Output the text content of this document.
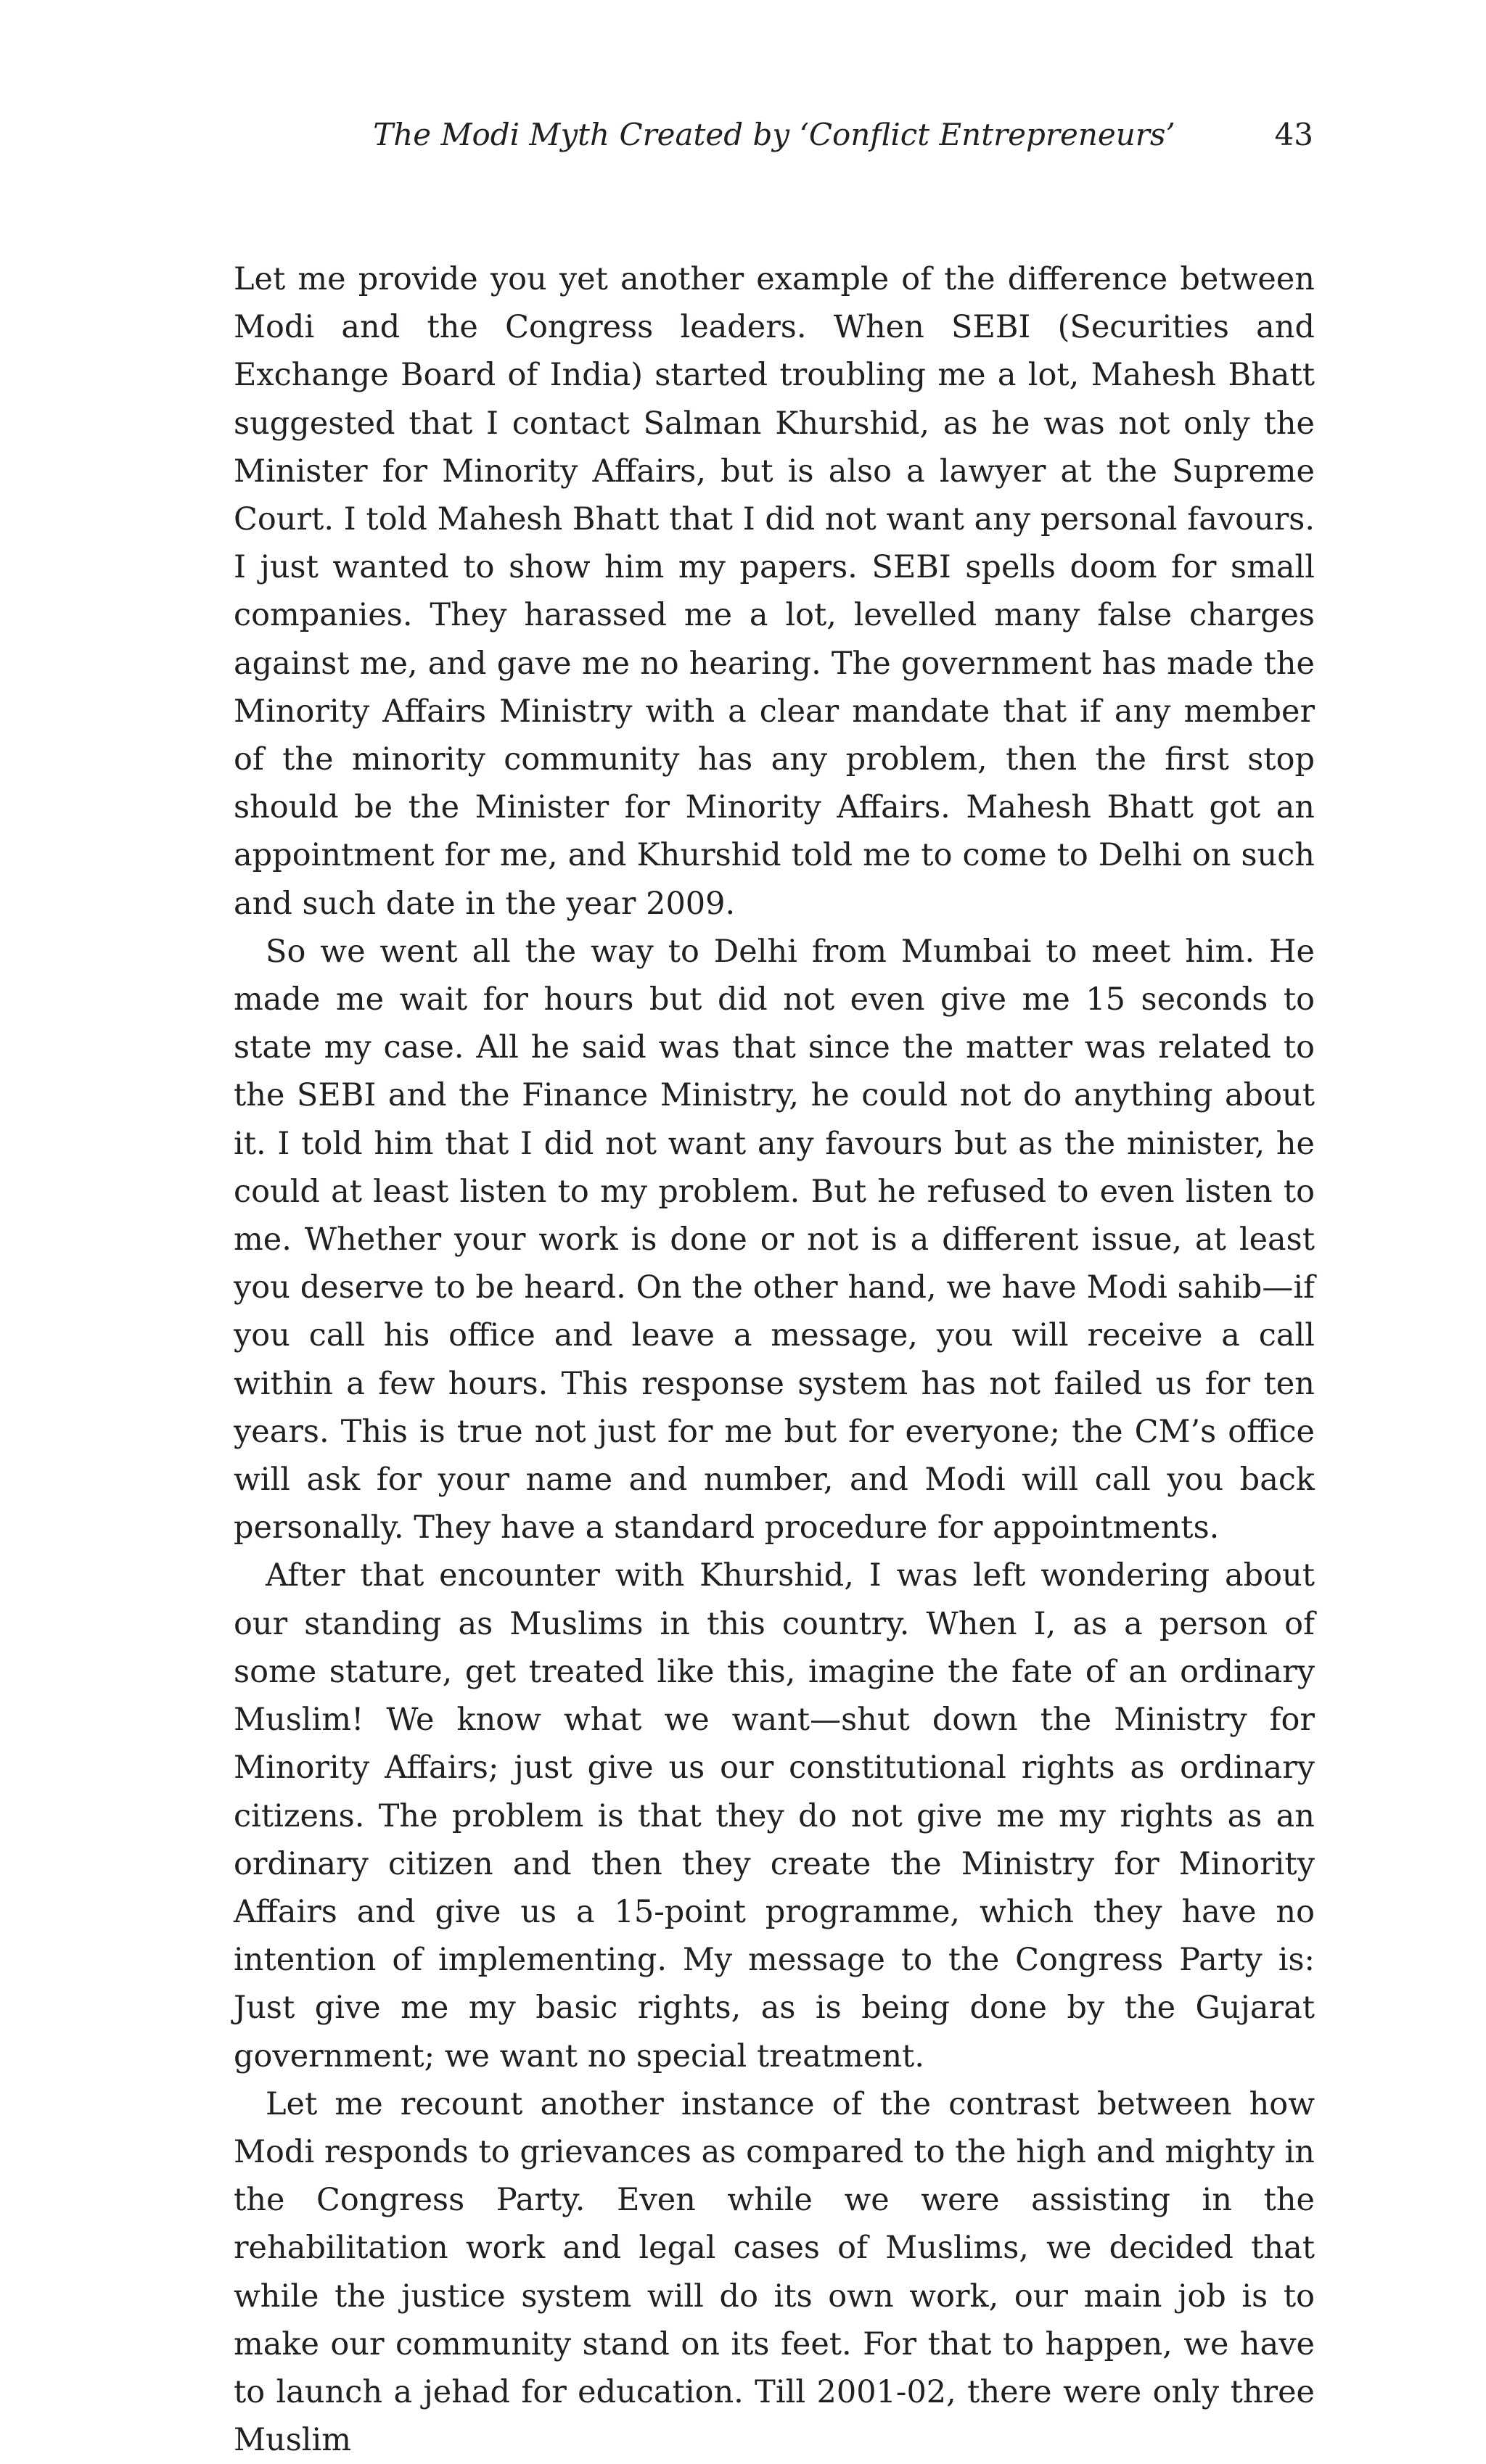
The Modi Myth Created by ‘Conflict Entrepreneurs’	43

Let me provide you yet another example of the difference between Modi and the Congress leaders. When SEBI (Securities and Exchange Board of India) started troubling me a lot, Mahesh Bhatt suggested that I contact Salman Khurshid, as he was not only the Minister for Minority Affairs, but is also a lawyer at the Supreme Court. I told Mahesh Bhatt that I did not want any personal favours. I just wanted to show him my papers. SEBI spells doom for small companies. They harassed me a lot, levelled many false charges against me, and gave me no hearing. The government has made the Minority Affairs Ministry with a clear mandate that if any member of the minority community has any problem, then the first stop should be the Minister for Minority Affairs. Mahesh Bhatt got an appointment for me, and Khurshid told me to come to Delhi on such and such date in the year 2009.

So we went all the way to Delhi from Mumbai to meet him. He made me wait for hours but did not even give me 15 seconds to state my case. All he said was that since the matter was related to the SEBI and the Finance Ministry, he could not do anything about it. I told him that I did not want any favours but as the minister, he could at least listen to my problem. But he refused to even listen to me. Whether your work is done or not is a different issue, at least you deserve to be heard. On the other hand, we have Modi sahib—if you call his office and leave a message, you will receive a call within a few hours. This response system has not failed us for ten years. This is true not just for me but for everyone; the CM’s office will ask for your name and number, and Modi will call you back personally. They have a standard procedure for appointments.

After that encounter with Khurshid, I was left wondering about our standing as Muslims in this country. When I, as a person of some stature, get treated like this, imagine the fate of an ordinary Muslim! We know what we want—shut down the Ministry for Minority Affairs; just give us our constitutional rights as ordinary citizens. The problem is that they do not give me my rights as an ordinary citizen and then they create the Ministry for Minority Affairs and give us a 15-point programme, which they have no intention of implementing. My message to the Congress Party is: Just give me my basic rights, as is being done by the Gujarat government; we want no special treatment.

Let me recount another instance of the contrast between how Modi responds to grievances as compared to the high and mighty in the Congress Party. Even while we were assisting in the rehabilitation work and legal cases of Muslims, we decided that while the justice system will do its own work, our main job is to make our community stand on its feet. For that to happen, we have to launch a jehad for education. Till 2001-02, there were only three Muslim
